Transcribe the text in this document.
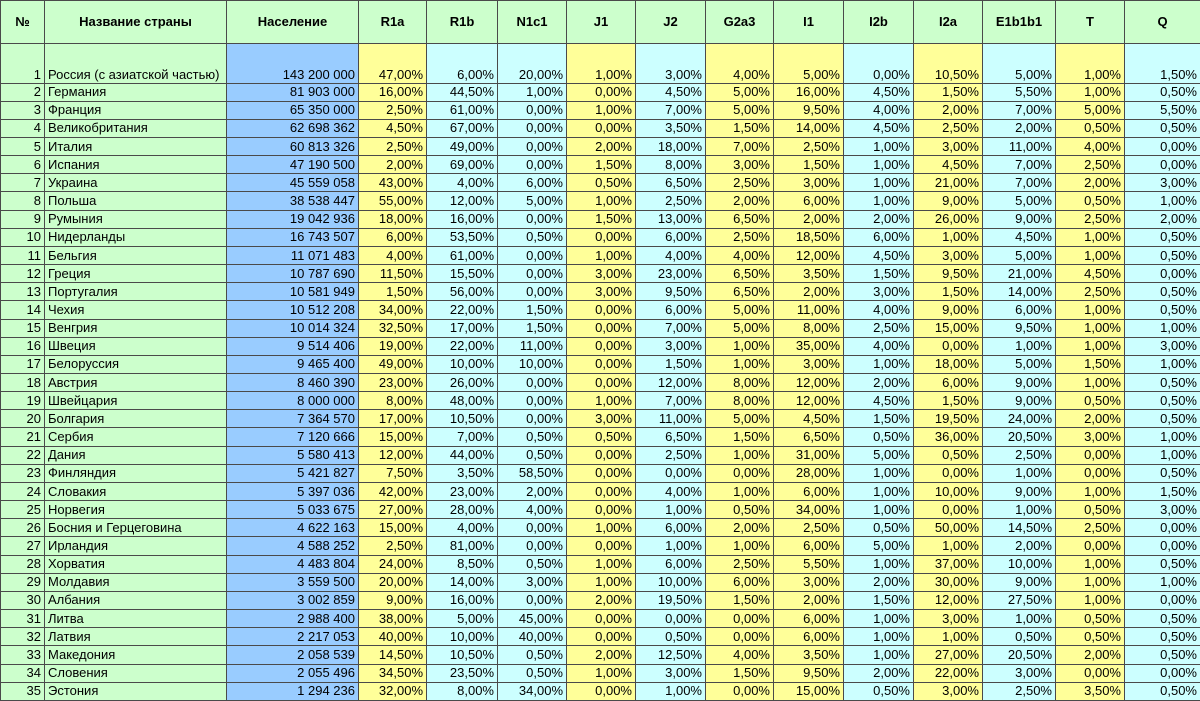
№	Название страны	Население	R1a	R1b	N1c1	J1	J2	G2a3	I1	I2b	I2a	E1b1b1	T	Q
1	Россия (с азиатской частью)	143 200 000	47,00%	6,00%	20,00%	1,00%	3,00%	4,00%	5,00%	0,00%	10,50%	5,00%	1,00%	1,50%
2	Германия	81 903 000	16,00%	44,50%	1,00%	0,00%	4,50%	5,00%	16,00%	4,50%	1,50%	5,50%	1,00%	0,50%
3	Франция	65 350 000	2,50%	61,00%	0,00%	1,00%	7,00%	5,00%	9,50%	4,00%	2,00%	7,00%	5,00%	5,50%
4	Великобритания	62 698 362	4,50%	67,00%	0,00%	0,00%	3,50%	1,50%	14,00%	4,50%	2,50%	2,00%	0,50%	0,50%
5	Италия	60 813 326	2,50%	49,00%	0,00%	2,00%	18,00%	7,00%	2,50%	1,00%	3,00%	11,00%	4,00%	0,00%
6	Испания	47 190 500	2,00%	69,00%	0,00%	1,50%	8,00%	3,00%	1,50%	1,00%	4,50%	7,00%	2,50%	0,00%
7	Украина	45 559 058	43,00%	4,00%	6,00%	0,50%	6,50%	2,50%	3,00%	1,00%	21,00%	7,00%	2,00%	3,00%
8	Польша	38 538 447	55,00%	12,00%	5,00%	1,00%	2,50%	2,00%	6,00%	1,00%	9,00%	5,00%	0,50%	1,00%
9	Румыния	19 042 936	18,00%	16,00%	0,00%	1,50%	13,00%	6,50%	2,00%	2,00%	26,00%	9,00%	2,50%	2,00%
10	Нидерланды	16 743 507	6,00%	53,50%	0,50%	0,00%	6,00%	2,50%	18,50%	6,00%	1,00%	4,50%	1,00%	0,50%
11	Бельгия	11 071 483	4,00%	61,00%	0,00%	1,00%	4,00%	4,00%	12,00%	4,50%	3,00%	5,00%	1,00%	0,50%
12	Греция	10 787 690	11,50%	15,50%	0,00%	3,00%	23,00%	6,50%	3,50%	1,50%	9,50%	21,00%	4,50%	0,00%
13	Португалия	10 581 949	1,50%	56,00%	0,00%	3,00%	9,50%	6,50%	2,00%	3,00%	1,50%	14,00%	2,50%	0,50%
14	Чехия	10 512 208	34,00%	22,00%	1,50%	0,00%	6,00%	5,00%	11,00%	4,00%	9,00%	6,00%	1,00%	0,50%
15	Венгрия	10 014 324	32,50%	17,00%	1,50%	0,00%	7,00%	5,00%	8,00%	2,50%	15,00%	9,50%	1,00%	1,00%
16	Швеция	9 514 406	19,00%	22,00%	11,00%	0,00%	3,00%	1,00%	35,00%	4,00%	0,00%	1,00%	1,00%	3,00%
17	Белоруссия	9 465 400	49,00%	10,00%	10,00%	0,00%	1,50%	1,00%	3,00%	1,00%	18,00%	5,00%	1,50%	1,00%
18	Австрия	8 460 390	23,00%	26,00%	0,00%	0,00%	12,00%	8,00%	12,00%	2,00%	6,00%	9,00%	1,00%	0,50%
19	Швейцария	8 000 000	8,00%	48,00%	0,00%	1,00%	7,00%	8,00%	12,00%	4,50%	1,50%	9,00%	0,50%	0,50%
20	Болгария	7 364 570	17,00%	10,50%	0,00%	3,00%	11,00%	5,00%	4,50%	1,50%	19,50%	24,00%	2,00%	0,50%
21	Сербия	7 120 666	15,00%	7,00%	0,50%	0,50%	6,50%	1,50%	6,50%	0,50%	36,00%	20,50%	3,00%	1,00%
22	Дания	5 580 413	12,00%	44,00%	0,50%	0,00%	2,50%	1,00%	31,00%	5,00%	0,50%	2,50%	0,00%	1,00%
23	Финляндия	5 421 827	7,50%	3,50%	58,50%	0,00%	0,00%	0,00%	28,00%	1,00%	0,00%	1,00%	0,00%	0,50%
24	Словакия	5 397 036	42,00%	23,00%	2,00%	0,00%	4,00%	1,00%	6,00%	1,00%	10,00%	9,00%	1,00%	1,50%
25	Норвегия	5 033 675	27,00%	28,00%	4,00%	0,00%	1,00%	0,50%	34,00%	1,00%	0,00%	1,00%	0,50%	3,00%
26	Босния и Герцеговина	4 622 163	15,00%	4,00%	0,00%	1,00%	6,00%	2,00%	2,50%	0,50%	50,00%	14,50%	2,50%	0,00%
27	Ирландия	4 588 252	2,50%	81,00%	0,00%	0,00%	1,00%	1,00%	6,00%	5,00%	1,00%	2,00%	0,00%	0,00%
28	Хорватия	4 483 804	24,00%	8,50%	0,50%	1,00%	6,00%	2,50%	5,50%	1,00%	37,00%	10,00%	1,00%	0,50%
29	Молдавия	3 559 500	20,00%	14,00%	3,00%	1,00%	10,00%	6,00%	3,00%	2,00%	30,00%	9,00%	1,00%	1,00%
30	Албания	3 002 859	9,00%	16,00%	0,00%	2,00%	19,50%	1,50%	2,00%	1,50%	12,00%	27,50%	1,00%	0,00%
31	Литва	2 988 400	38,00%	5,00%	45,00%	0,00%	0,00%	0,00%	6,00%	1,00%	3,00%	1,00%	0,50%	0,50%
32	Латвия	2 217 053	40,00%	10,00%	40,00%	0,00%	0,50%	0,00%	6,00%	1,00%	1,00%	0,50%	0,50%	0,50%
33	Македония	2 058 539	14,50%	10,50%	0,50%	2,00%	12,50%	4,00%	3,50%	1,00%	27,00%	20,50%	2,00%	0,50%
34	Словения	2 055 496	34,50%	23,50%	0,50%	1,00%	3,00%	1,50%	9,50%	2,00%	22,00%	3,00%	0,00%	0,00%
35	Эстония	1 294 236	32,00%	8,00%	34,00%	0,00%	1,00%	0,00%	15,00%	0,50%	3,00%	2,50%	3,50%	0,50%
